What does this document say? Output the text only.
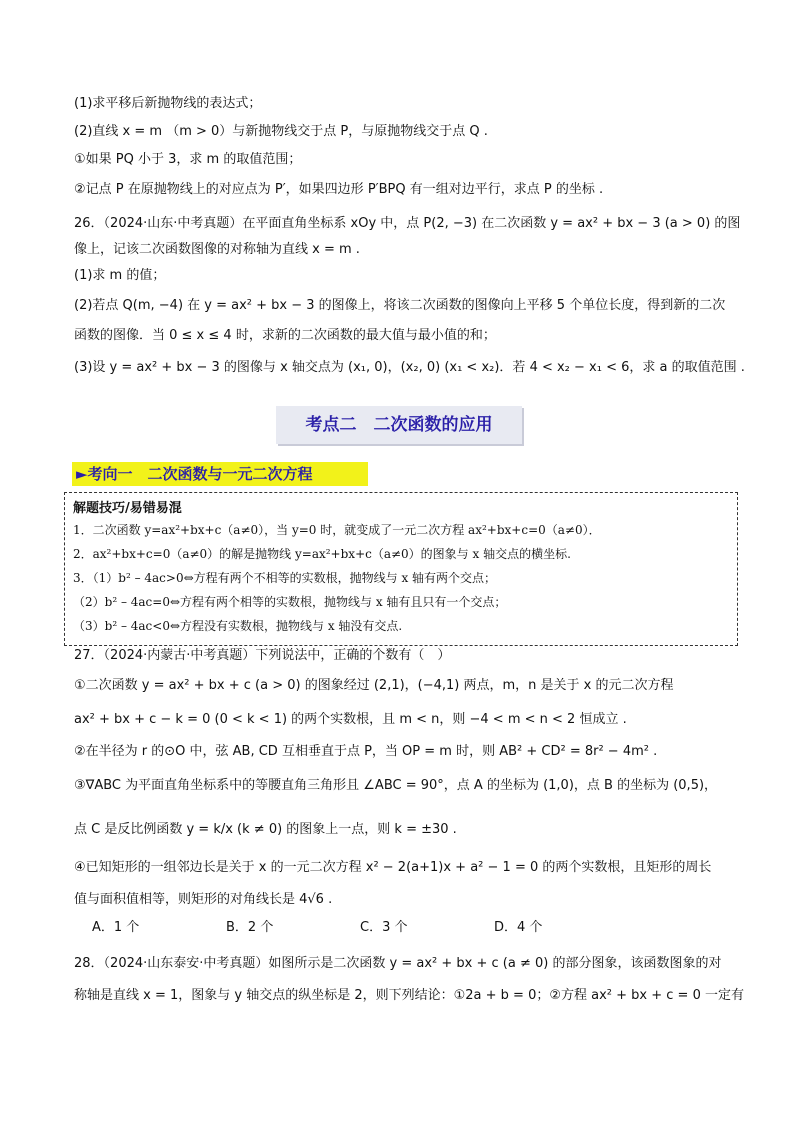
(1)求平移后新抛物线的表达式；
(2)直线 x = m （m > 0）与新抛物线交于点 P，与原抛物线交于点 Q .
①如果 PQ 小于 3，求 m 的取值范围；
②记点 P 在原抛物线上的对应点为 P′，如果四边形 P′BPQ 有一组对边平行，求点 P 的坐标 .
26．（2024·山东·中考真题）在平面直角坐标系 xOy 中，点 P(2, −3) 在二次函数 y = ax² + bx − 3 (a > 0) 的图
像上，记该二次函数图像的对称轴为直线 x = m .
(1)求 m 的值；
(2)若点 Q(m, −4) 在 y = ax² + bx − 3 的图像上，将该二次函数的图像向上平移 5 个单位长度，得到新的二次
函数的图像．当 0 ≤ x ≤ 4 时，求新的二次函数的最大值与最小值的和；
(3)设 y = ax² + bx − 3 的图像与 x 轴交点为 (x₁, 0)，(x₂, 0) (x₁ < x₂)．若 4 < x₂ − x₁ < 6，求 a 的取值范围 .
考点二　二次函数的应用
►考向一　二次函数与一元二次方程
解题技巧/易错易混
1．二次函数 y=ax²+bx+c（a≠0），当 y=0 时，就变成了一元二次方程 ax²+bx+c=0（a≠0）．
2．ax²+bx+c=0（a≠0）的解是抛物线 y=ax²+bx+c（a≠0）的图象与 x 轴交点的横坐标.
3．（1）b² – 4ac>0⇔方程有两个不相等的实数根，抛物线与 x 轴有两个交点；
（2）b² – 4ac=0⇔方程有两个相等的实数根，抛物线与 x 轴有且只有一个交点；
（3）b² – 4ac<0⇔方程没有实数根，抛物线与 x 轴没有交点.
27．（2024·内蒙古·中考真题）下列说法中，正确的个数有（　）
①二次函数 y = ax² + bx + c (a > 0) 的图象经过 (2,1)，(−4,1) 两点，m，n 是关于 x 的元二次方程
ax² + bx + c − k = 0 (0 < k < 1) 的两个实数根，且 m < n，则 −4 < m < n < 2 恒成立 .
②在半径为 r 的⊙O 中，弦 AB, CD 互相垂直于点 P，当 OP = m 时，则 AB² + CD² = 8r² − 4m² .
③∇ABC 为平面直角坐标系中的等腰直角三角形且 ∠ABC = 90°，点 A 的坐标为 (1,0)，点 B 的坐标为 (0,5)，
点 C 是反比例函数 y = k/x (k ≠ 0) 的图象上一点，则 k = ±30 .
④已知矩形的一组邻边长是关于 x 的一元二次方程 x² − 2(a+1)x + a² − 1 = 0 的两个实数根，且矩形的周长
值与面积值相等，则矩形的对角线长是 4√6 .
A．1 个	B．2 个	C．3 个	D．4 个
28．（2024·山东泰安·中考真题）如图所示是二次函数 y = ax² + bx + c (a ≠ 0) 的部分图象，该函数图象的对
称轴是直线 x = 1，图象与 y 轴交点的纵坐标是 2，则下列结论：①2a + b = 0；②方程 ax² + bx + c = 0 一定有
